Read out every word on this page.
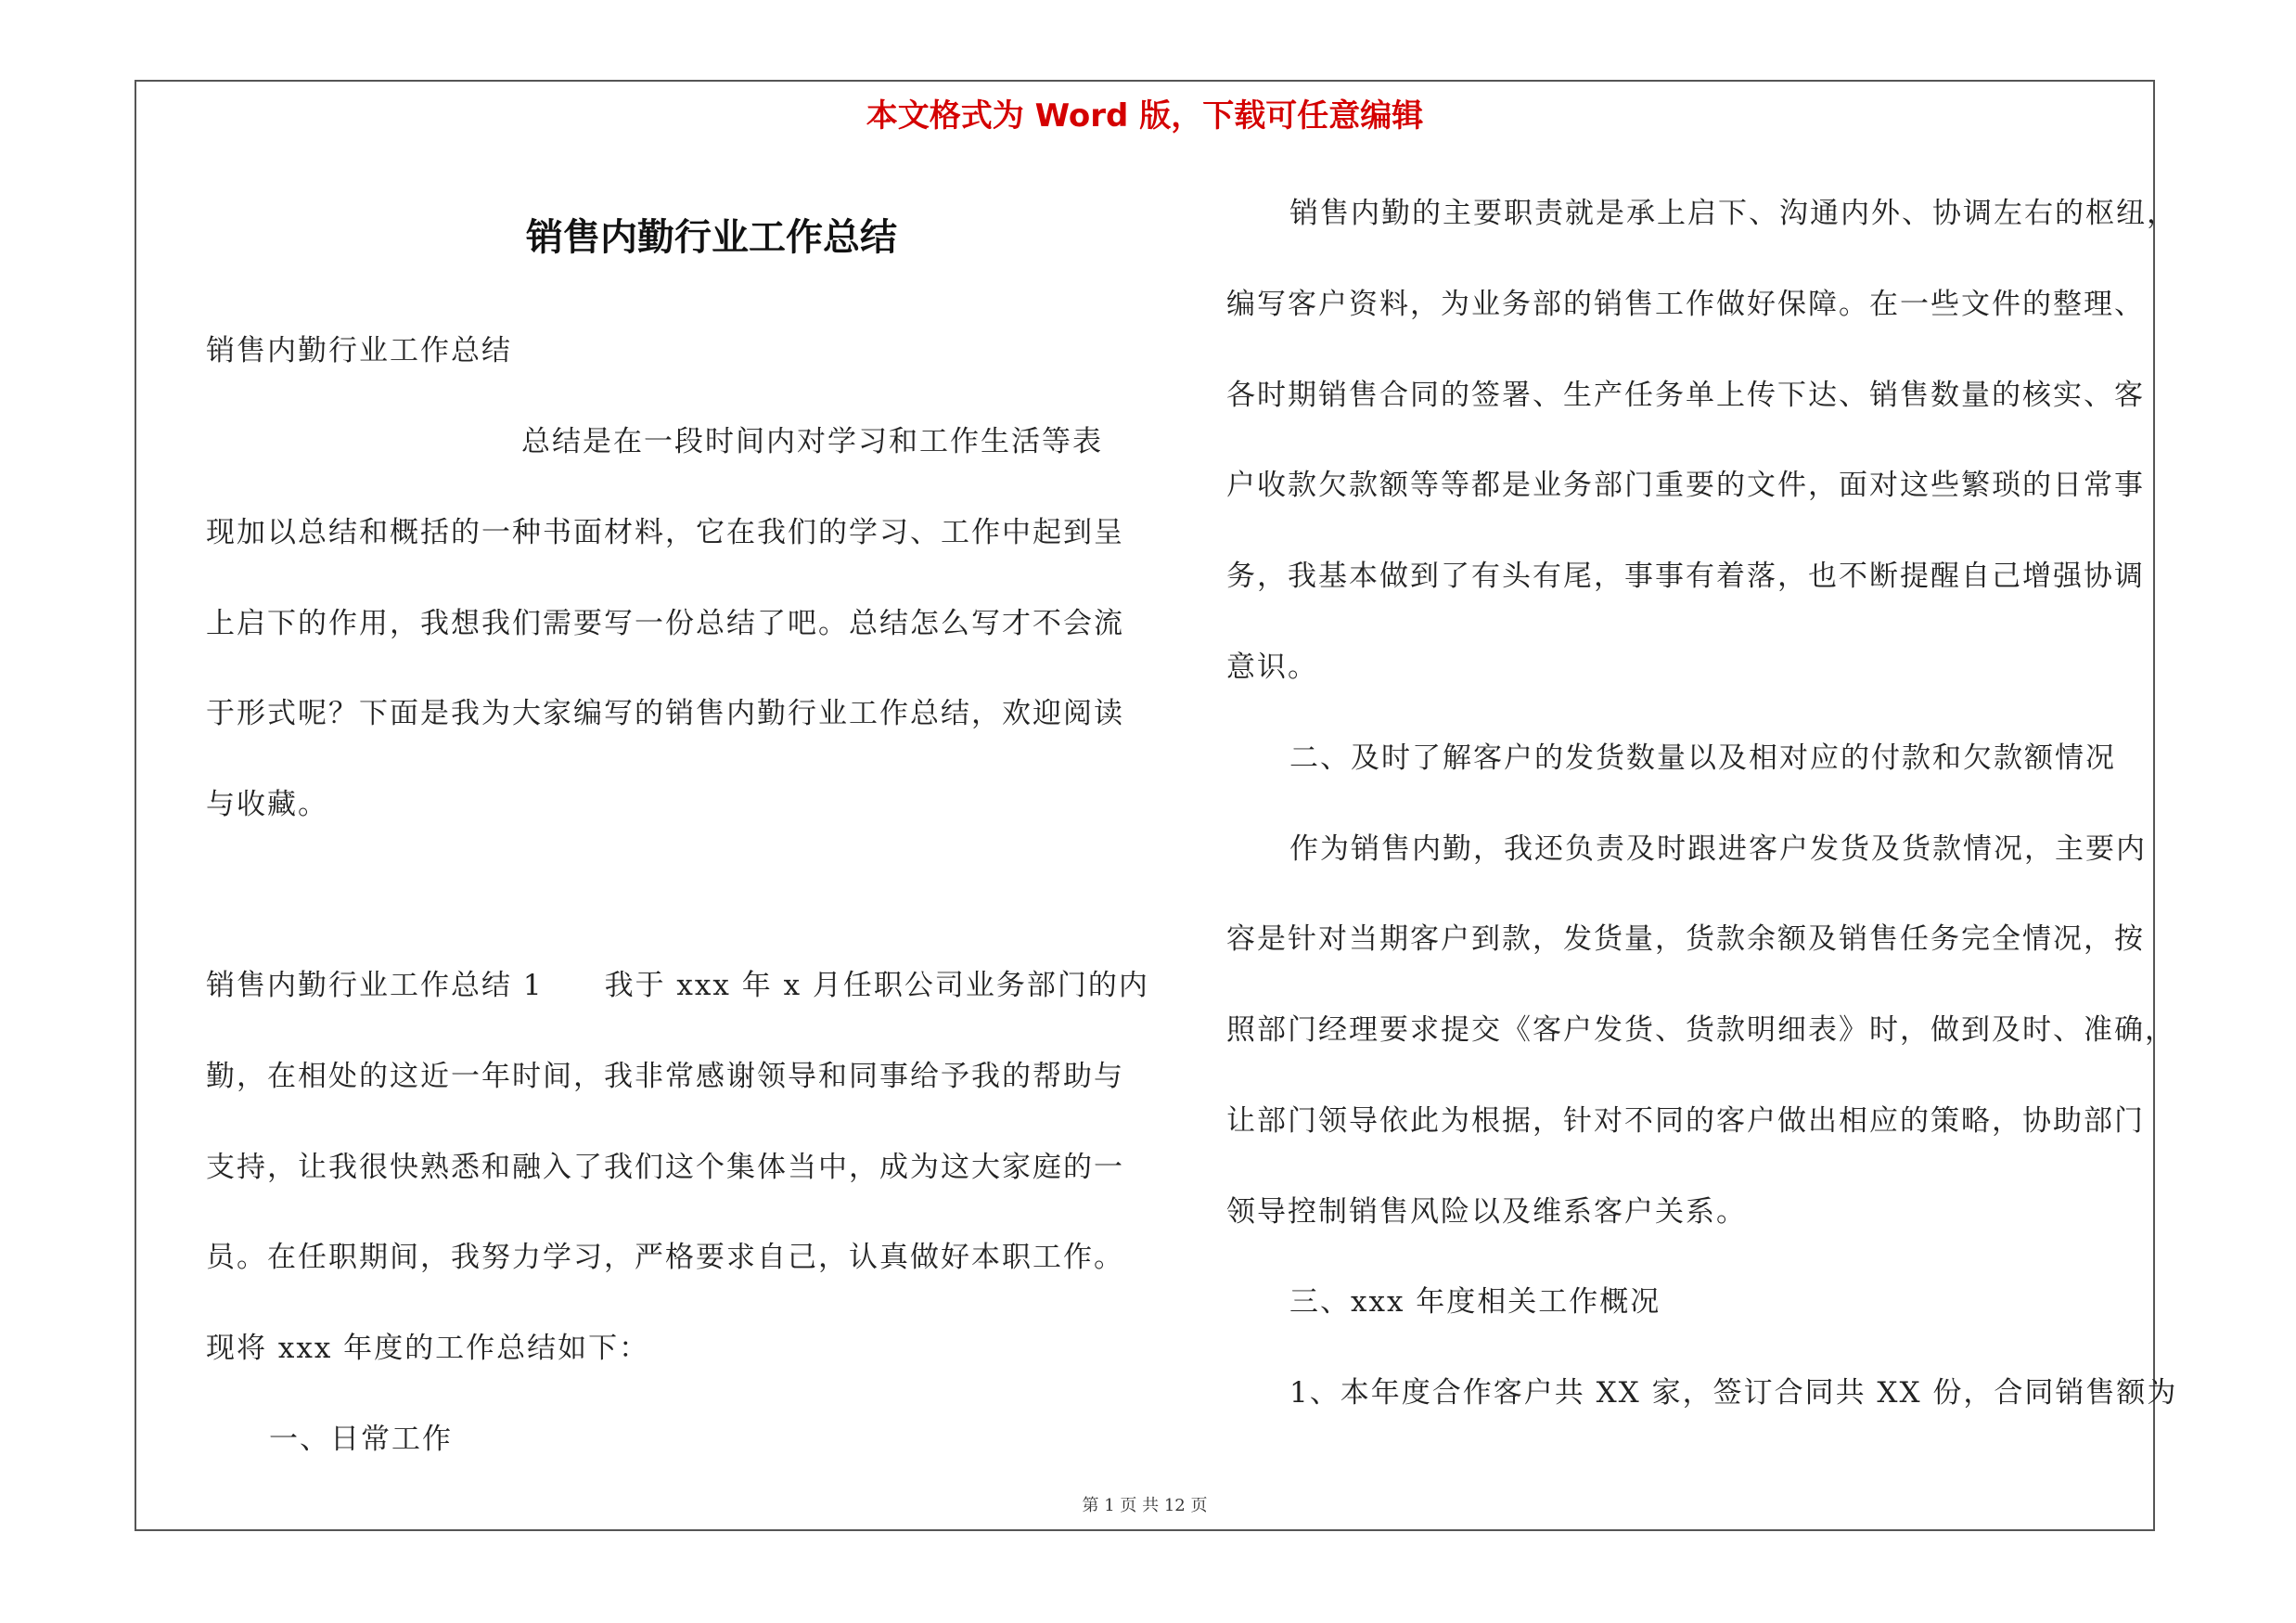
本文格式为 Word 版，下载可任意编辑
销售内勤行业工作总结
销售内勤行业工作总结
总结是在一段时间内对学习和工作生活等表
现加以总结和概括的一种书面材料，它在我们的学习、工作中起到呈
上启下的作用，我想我们需要写一份总结了吧。总结怎么写才不会流
于形式呢？下面是我为大家编写的销售内勤行业工作总结，欢迎阅读
与收藏。
销售内勤行业工作总结 1　　我于 xxx 年 x 月任职公司业务部门的内
勤，在相处的这近一年时间，我非常感谢领导和同事给予我的帮助与
支持，让我很快熟悉和融入了我们这个集体当中，成为这大家庭的一
员。在任职期间，我努力学习，严格要求自己，认真做好本职工作。
现将 xxx 年度的工作总结如下：
一、日常工作
销售内勤的主要职责就是承上启下、沟通内外、协调左右的枢纽，
编写客户资料，为业务部的销售工作做好保障。在一些文件的整理、
各时期销售合同的签署、生产任务单上传下达、销售数量的核实、客
户收款欠款额等等都是业务部门重要的文件，面对这些繁琐的日常事
务，我基本做到了有头有尾，事事有着落，也不断提醒自己增强协调
意识。
二、及时了解客户的发货数量以及相对应的付款和欠款额情况
作为销售内勤，我还负责及时跟进客户发货及货款情况，主要内
容是针对当期客户到款，发货量，货款余额及销售任务完全情况，按
照部门经理要求提交《客户发货、货款明细表》时，做到及时、准确，
让部门领导依此为根据，针对不同的客户做出相应的策略，协助部门
领导控制销售风险以及维系客户关系。
三、xxx 年度相关工作概况
1、本年度合作客户共 XX 家，签订合同共 XX 份，合同销售额为
第 1 页 共 12 页
